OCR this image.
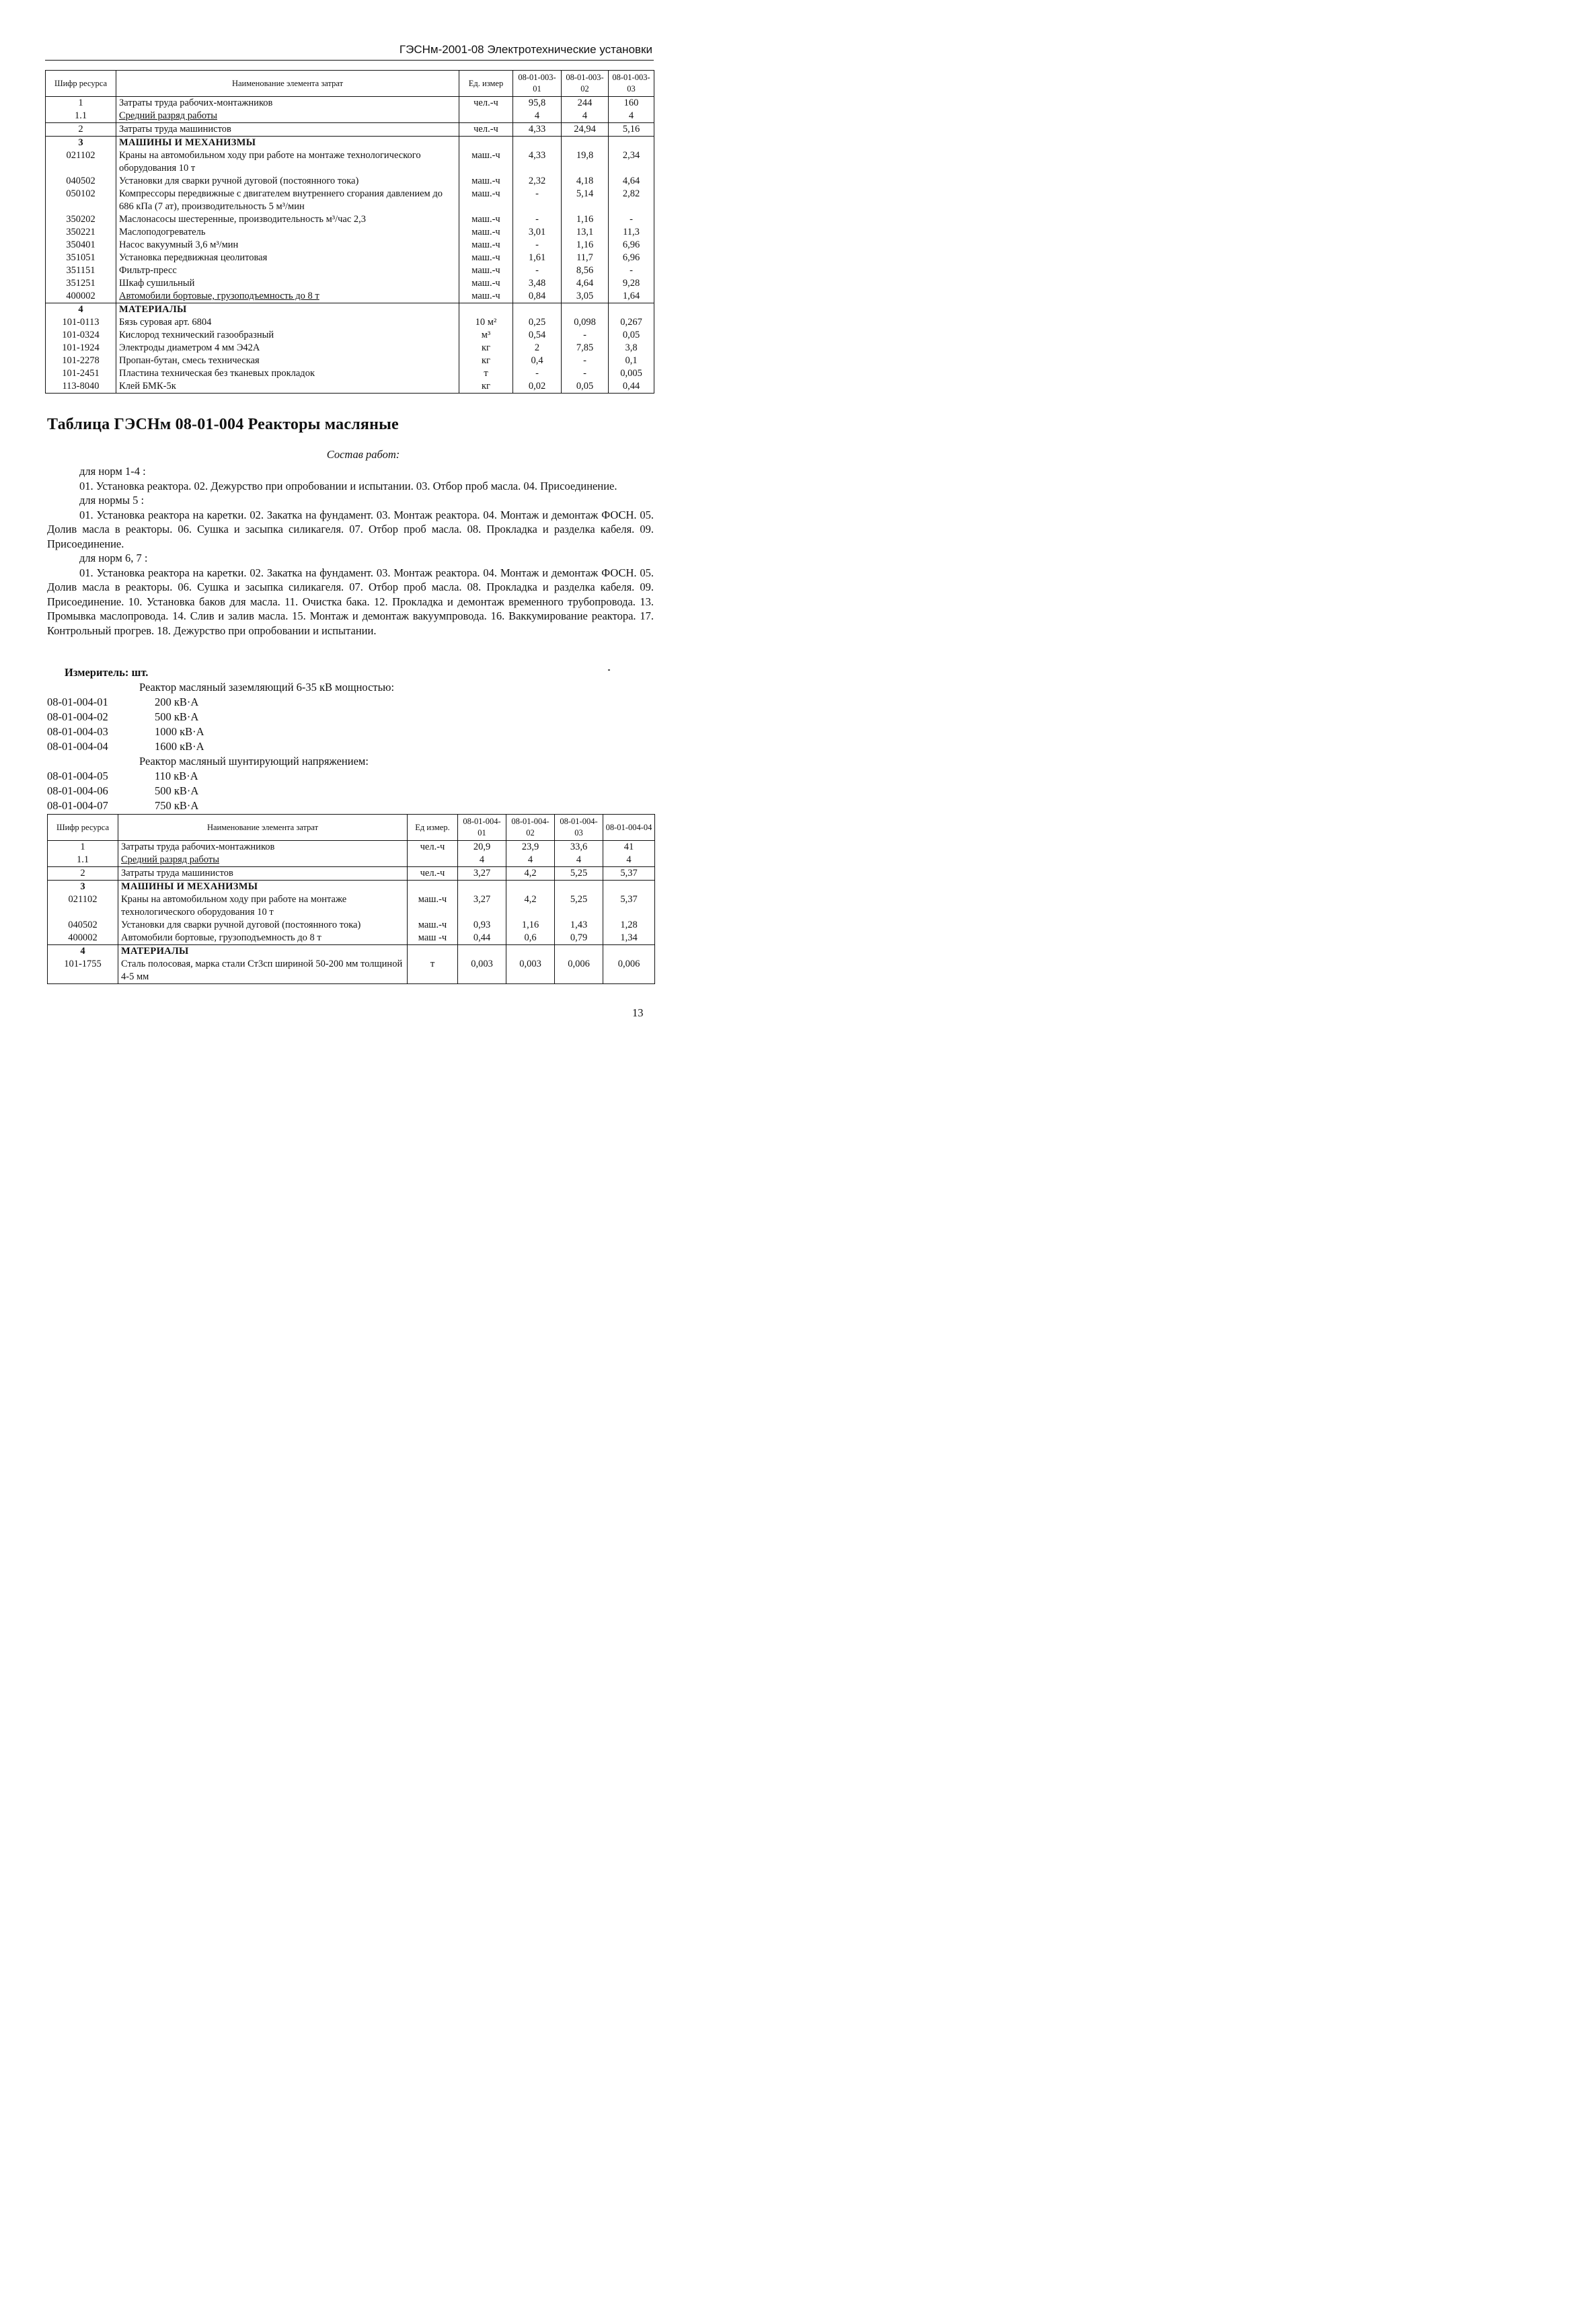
ГЭСНм-2001-08 Электротехнические установки
Шифр ресурса	Наименование элемента затрат	Ед. измер	08-01-003-01	08-01-003-02	08-01-003-03
1	Затраты труда рабочих-монтажников	чел.-ч	95,8	244	160
1.1	Средний разряд работы		4	4	4
2	Затраты труда машинистов	чел.-ч	4,33	24,94	5,16
3	МАШИНЫ И МЕХАНИЗМЫ				
021102	Краны на автомобильном ходу при работе на монтаже технологического оборудования 10 т	маш.-ч	4,33	19,8	2,34
040502	Установки для сварки ручной дуговой (постоянного тока)	маш.-ч	2,32	4,18	4,64
050102	Компрессоры передвижные с двигателем внутреннего сгорания давлением до 686 кПа (7 ат), производительность 5 м³/мин	маш.-ч	-	5,14	2,82
350202	Маслонасосы шестеренные, производительность м³/час 2,3	маш.-ч	-	1,16	-
350221	Маслоподогреватель	маш.-ч	3,01	13,1	11,3
350401	Насос вакуумный 3,6 м³/мин	маш.-ч	-	1,16	6,96
351051	Установка передвижная цеолитовая	маш.-ч	1,61	11,7	6,96
351151	Фильтр-пресс	маш.-ч	-	8,56	-
351251	Шкаф сушильный	маш.-ч	3,48	4,64	9,28
400002	Автомобили бортовые, грузоподъемность до 8 т	маш.-ч	0,84	3,05	1,64
4	МАТЕРИАЛЫ				
101-0113	Бязь суровая арт. 6804	10 м²	0,25	0,098	0,267
101-0324	Кислород технический газообразный	м³	0,54	-	0,05
101-1924	Электроды диаметром 4 мм Э42А	кг	2	7,85	3,8
101-2278	Пропан-бутан, смесь техническая	кг	0,4	-	0,1
101-2451	Пластина техническая без тканевых прокладок	т	-	-	0,005
113-8040	Клей БМК-5к	кг	0,02	0,05	0,44
Таблица ГЭСНм 08-01-004 Реакторы масляные
Состав работ:

для норм 1-4 :

01. Установка реактора. 02. Дежурство при опробовании и испытании. 03. Отбор проб масла. 04. Присоединение.

для нормы 5 :

01. Установка реактора на каретки. 02. Закатка на фундамент. 03. Монтаж реактора. 04. Монтаж и демонтаж ФОСН. 05. Долив масла в реакторы. 06. Сушка и засыпка силикагеля. 07. Отбор проб масла. 08. Прокладка и разделка кабеля. 09. Присоединение.

для норм 6, 7 :

01. Установка реактора на каретки. 02. Закатка на фундамент. 03. Монтаж реактора. 04. Монтаж и демонтаж ФОСН. 05. Долив масла в реакторы. 06. Сушка и засыпка силикагеля. 07. Отбор проб масла. 08. Прокладка и разделка кабеля. 09. Присоединение. 10. Установка баков для масла. 11. Очистка бака. 12. Прокладка и демонтаж временного трубопровода. 13. Промывка маслопровода. 14. Слив и залив масла. 15. Монтаж и демонтаж вакуумпровода. 16. Ваккумирование реактора. 17. Контрольный прогрев. 18. Дежурство при опробовании и испытании.

Измеритель: шт.
Реактор масляный заземляющий 6-35 кВ мощностью:
08-01-004-01	200 кВ·А
08-01-004-02	500 кВ·А
08-01-004-03	1000 кВ·А
08-01-004-04	1600 кВ·А
Реактор масляный шунтирующий напряжением:
08-01-004-05	110 кВ·А
08-01-004-06	500 кВ·А
08-01-004-07	750 кВ·А
Шифр ресурса	Наименование элемента затрат	Ед измер.	08-01-004-01	08-01-004-02	08-01-004-03	08-01-004-04
1	Затраты труда рабочих-монтажников	чел.-ч	20,9	23,9	33,6	41
1.1	Средний разряд работы		4	4	4	4
2	Затраты труда машинистов	чел.-ч	3,27	4,2	5,25	5,37
3	МАШИНЫ И МЕХАНИЗМЫ					
021102	Краны на автомобильном ходу при работе на монтаже технологического оборудования 10 т	маш.-ч	3,27	4,2	5,25	5,37
040502	Установки для сварки ручной дуговой (постоянного тока)	маш.-ч	0,93	1,16	1,43	1,28
400002	Автомобили бортовые, грузоподъемность до 8 т	маш -ч	0,44	0,6	0,79	1,34
4	МАТЕРИАЛЫ					
101-1755	Сталь полосовая, марка стали Ст3сп шириной 50-200 мм толщиной 4-5 мм	т	0,003	0,003	0,006	0,006
13
